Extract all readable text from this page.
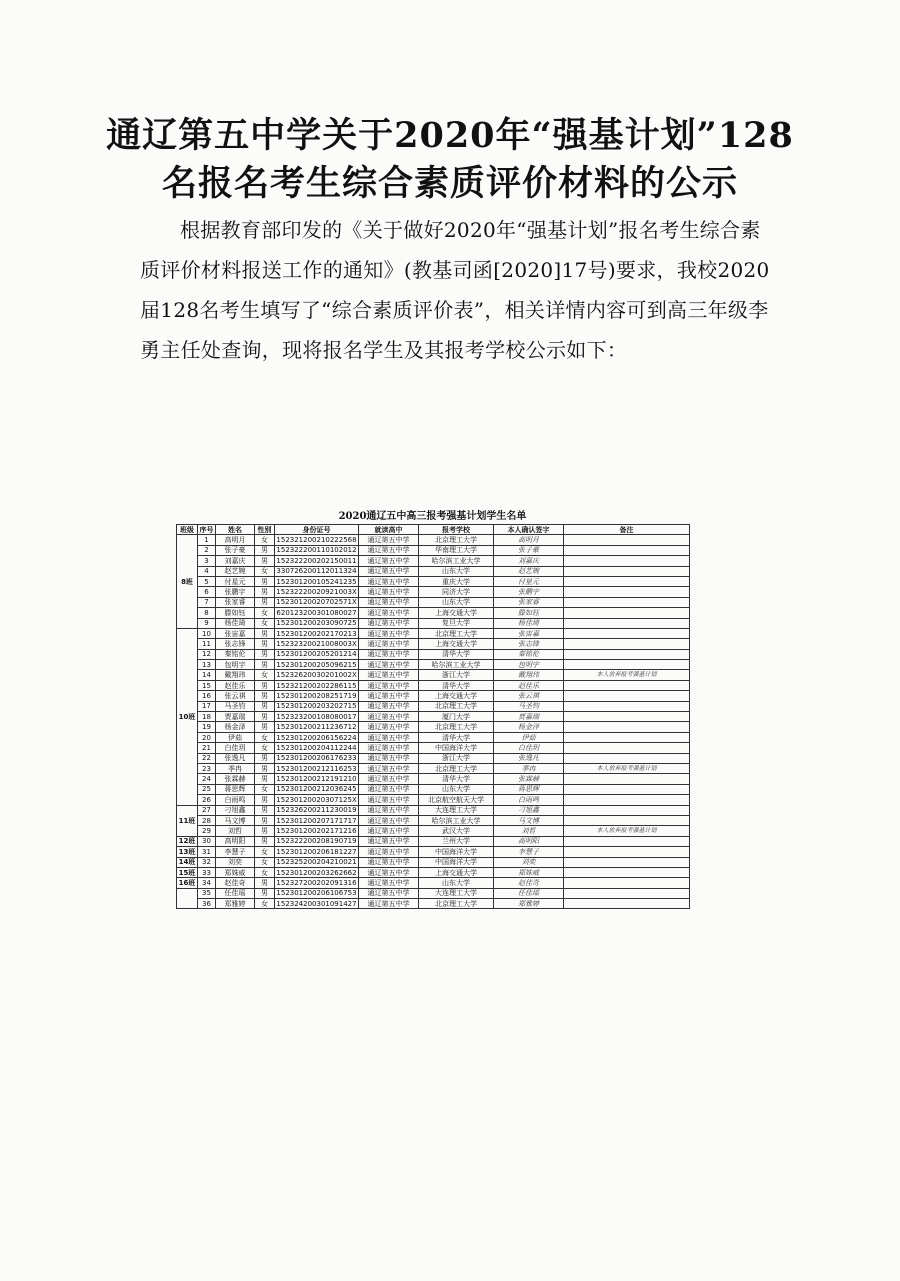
通辽第五中学关于2020年“强基计划”128
名报名考生综合素质评价材料的公示
根据教育部印发的《关于做好2020年“强基计划”报名考生综合素质评价材料报送工作的通知》(教基司函[2020]17号)要求，我校2020届128名考生填写了“综合素质评价表”，相关详情内容可到高三年级李勇主任处查询，现将报名学生及其报考学校公示如下：
2020通辽五中高三报考强基计划学生名单
班级	序号	姓名	性别	身份证号	就读高中	报考学校	本人确认签字	备注
8班	1	高明月	女	152321200210222568	通辽第五中学	北京理工大学	高明月	
	2	张子豪	男	152322200110102012	通辽第五中学	华南理工大学	张子豪	
	3	刘嘉庆	男	152322200202150011	通辽第五中学	哈尔滨工业大学	刘嘉庆	
	4	赵艺婉	女	330726200112011324	通辽第五中学	山东大学	赵艺婉	
	5	付星元	男	152301200105241235	通辽第五中学	重庆大学	付星元	
	6	张鹏宇	男	15232220020921003X	通辽第五中学	同济大学	张鹏宇	
	7	张家睿	男	15230120020702571X	通辽第五中学	山东大学	张家睿	
	8	滕如钰	女	620123200301080027	通辽第五中学	上海交通大学	滕如钰	
	9	杨佳琦	女	152301200203090725	通辽第五中学	复旦大学	杨佳琦	
10班	10	张宙嘉	男	152301200202170213	通辽第五中学	北京理工大学	张宙嘉	
	11	张志锋	男	15232320021008003X	通辽第五中学	上海交通大学	张志锋	
	12	秦铭伦	男	152301200205201214	通辽第五中学	清华大学	秦铭伦	
	13	包明宇	男	152301200205096215	通辽第五中学	哈尔滨工业大学	包明宇	
	14	戴翔玮	女	15232620030201002X	通辽第五中学	浙江大学	戴翔玮	本人放弃报考强基计划
	15	赵佳乐	男	152321200202286115	通辽第五中学	清华大学	赵佳乐	
	16	张云祺	男	152301200208251719	通辽第五中学	上海交通大学	张云祺	
	17	马圣钧	男	152301200203202715	通辽第五中学	北京理工大学	马圣钧	
	18	贾嘉瑞	男	152323200108080017	通辽第五中学	厦门大学	贾嘉瑞	
	19	杨金泽	男	152301200211236712	通辽第五中学	北京理工大学	杨金泽	
	20	伊茹	女	152301200206156224	通辽第五中学	清华大学	伊茹	
	21	白佳玥	女	152301200204112244	通辽第五中学	中国海洋大学	白佳玥	
	22	张逸凡	男	152301200206176233	通辽第五中学	浙江大学	张逸凡	
	23	季冉	男	152301200212116253	通辽第五中学	北京理工大学	季冉	本人放弃报考强基计划
	24	张霖赫	男	152301200212191210	通辽第五中学	清华大学	张霖赫	
	25	蒋思辉	女	152301200212036245	通辽第五中学	山东大学	蒋思辉	
	26	白雨鸣	男	15230120020307125X	通辽第五中学	北京航空航天大学	白雨鸣	
11班	27	刁旭鑫	男	152326200211230019	通辽第五中学	大连理工大学	刁旭鑫	
	28	马文博	男	152301200207171717	通辽第五中学	哈尔滨工业大学	马文博	
	29	刘哲	男	152301200202171216	通辽第五中学	武汉大学	刘哲	本人放弃报考强基计划
12班	30	高明阳	男	152322200208190719	通辽第五中学	兰州大学	高明阳	
13班	31	李慧子	女	152301200206181227	通辽第五中学	中国海洋大学	李慧子	
14班	32	刘奕	女	152325200204210021	通辽第五中学	中国海洋大学	刘奕	
15班	33	郑姝威	女	152301200203262662	通辽第五中学	上海交通大学	郑姝威	
16班	34	赵佳奇	男	152327200202091316	通辽第五中学	山东大学	赵佳奇	
	35	任佳瑶	男	152301200206106753	通辽第五中学	大连理工大学	任佳瑶	
	36	郑雅婷	女	152324200301091427	通辽第五中学	北京理工大学	郑雅婷	
